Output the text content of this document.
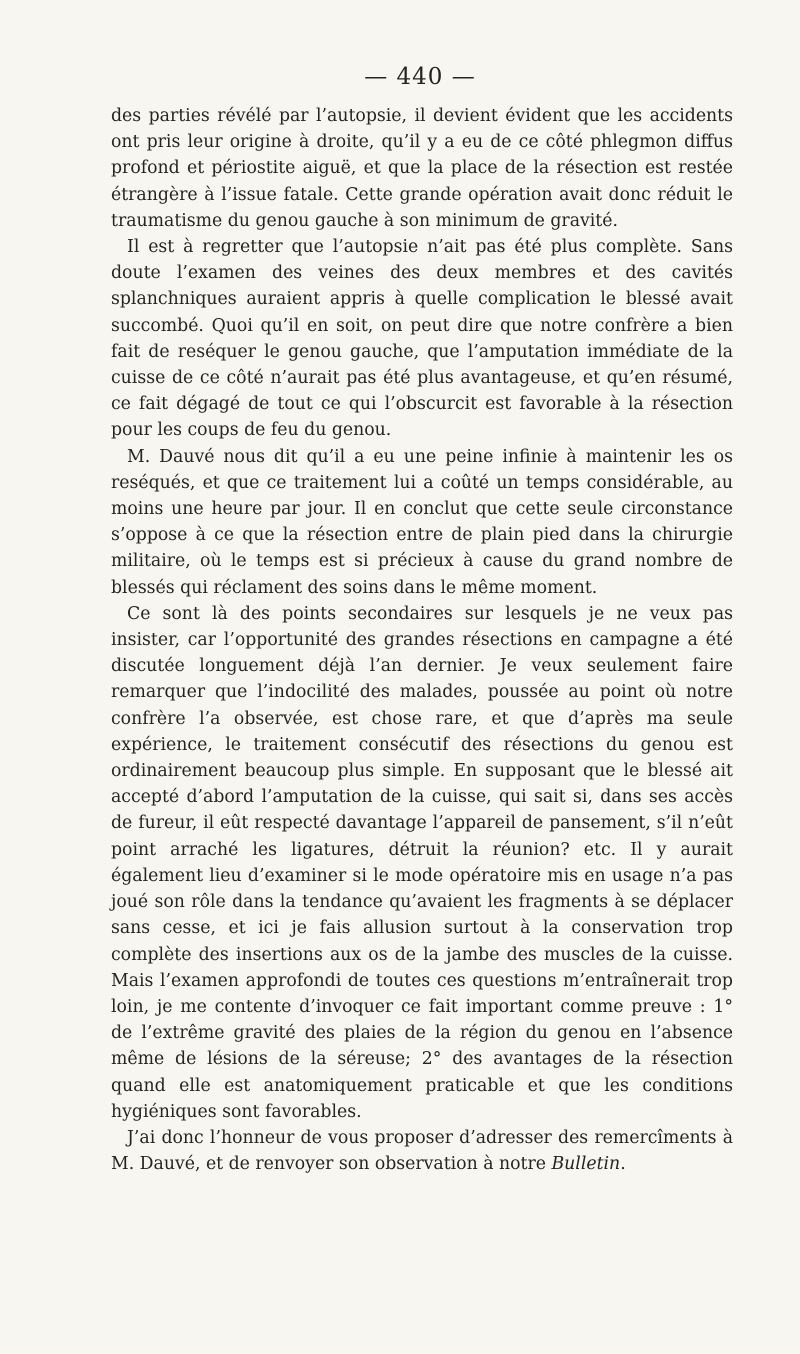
— 440 —

des parties révélé par l’autopsie, il devient évident que les accidents ont pris leur origine à droite, qu’il y a eu de ce côté phlegmon diffus profond et périostite aiguë, et que la place de la résection est restée étrangère à l’issue fatale. Cette grande opération avait donc réduit le traumatisme du genou gauche à son minimum de gravité.

Il est à regretter que l’autopsie n’ait pas été plus complète. Sans doute l’examen des veines des deux membres et des cavités splanchniques auraient appris à quelle complication le blessé avait succombé. Quoi qu’il en soit, on peut dire que notre confrère a bien fait de reséquer le genou gauche, que l’amputation immédiate de la cuisse de ce côté n’aurait pas été plus avantageuse, et qu’en résumé, ce fait dégagé de tout ce qui l’obscurcit est favorable à la résection pour les coups de feu du genou.

M. Dauvé nous dit qu’il a eu une peine infinie à maintenir les os reséqués, et que ce traitement lui a coûté un temps considérable, au moins une heure par jour. Il en conclut que cette seule circonstance s’oppose à ce que la résection entre de plain pied dans la chirurgie militaire, où le temps est si précieux à cause du grand nombre de blessés qui réclament des soins dans le même moment.

Ce sont là des points secondaires sur lesquels je ne veux pas insister, car l’opportunité des grandes résections en campagne a été discutée longuement déjà l’an dernier. Je veux seulement faire remarquer que l’indocilité des malades, poussée au point où notre confrère l’a observée, est chose rare, et que d’après ma seule expérience, le traitement consécutif des résections du genou est ordinairement beaucoup plus simple. En supposant que le blessé ait accepté d’abord l’amputation de la cuisse, qui sait si, dans ses accès de fureur, il eût respecté davantage l’appareil de pansement, s’il n’eût point arraché les ligatures, détruit la réunion? etc. Il y aurait également lieu d’examiner si le mode opératoire mis en usage n’a pas joué son rôle dans la tendance qu’avaient les fragments à se déplacer sans cesse, et ici je fais allusion surtout à la conservation trop complète des insertions aux os de la jambe des muscles de la cuisse. Mais l’examen approfondi de toutes ces questions m’entraînerait trop loin, je me contente d’invoquer ce fait important comme preuve : 1° de l’extrême gravité des plaies de la région du genou en l’absence même de lésions de la séreuse; 2° des avantages de la résection quand elle est anatomiquement praticable et que les conditions hygiéniques sont favorables.

J’ai donc l’honneur de vous proposer d’adresser des remercîments à M. Dauvé, et de renvoyer son observation à notre Bulletin.
